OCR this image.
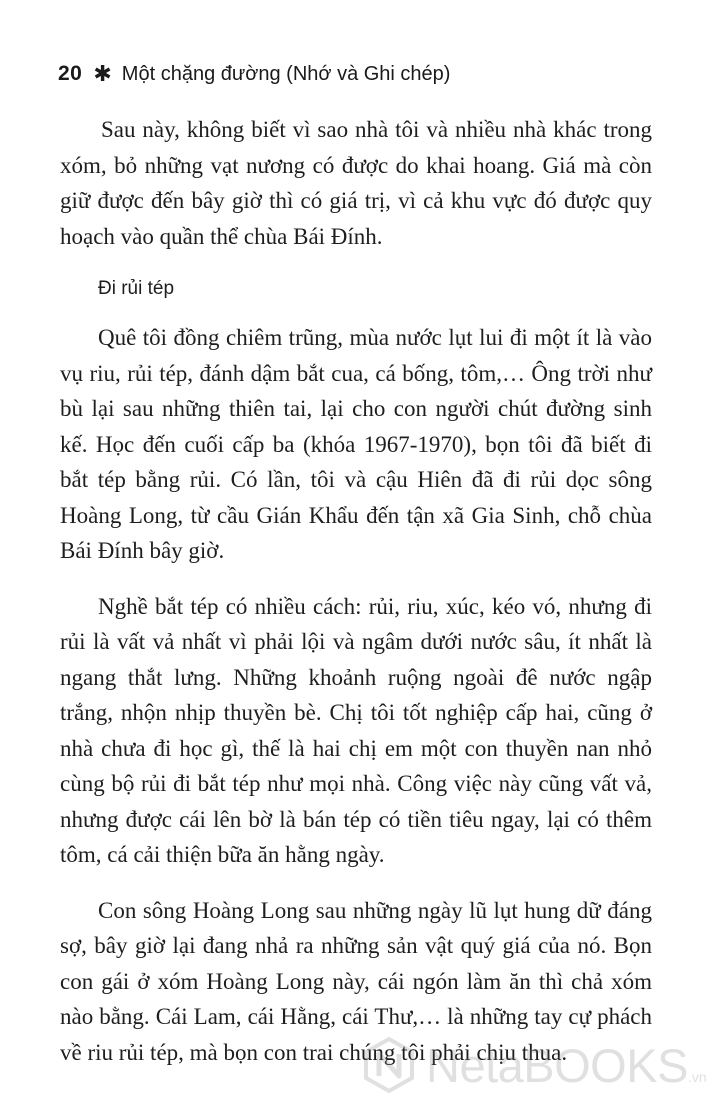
20 ✱ Một chặng đường (Nhớ và Ghi chép)

Sau này, không biết vì sao nhà tôi và nhiều nhà khác trong xóm, bỏ những vạt nương có được do khai hoang. Giá mà còn giữ được đến bây giờ thì có giá trị, vì cả khu vực đó được quy hoạch vào quần thể chùa Bái Đính.

Đi rủi tép

Quê tôi đồng chiêm trũng, mùa nước lụt lui đi một ít là vào vụ riu, rủi tép, đánh dậm bắt cua, cá bống, tôm,… Ông trời như bù lại sau những thiên tai, lại cho con người chút đường sinh kế. Học đến cuối cấp ba (khóa 1967-1970), bọn tôi đã biết đi bắt tép bằng rủi. Có lần, tôi và cậu Hiên đã đi rủi dọc sông Hoàng Long, từ cầu Gián Khẩu đến tận xã Gia Sinh, chỗ chùa Bái Đính bây giờ.

Nghề bắt tép có nhiều cách: rủi, riu, xúc, kéo vó, nhưng đi rủi là vất vả nhất vì phải lội và ngâm dưới nước sâu, ít nhất là ngang thắt lưng. Những khoảnh ruộng ngoài đê nước ngập trắng, nhộn nhịp thuyền bè. Chị tôi tốt nghiệp cấp hai, cũng ở nhà chưa đi học gì, thế là hai chị em một con thuyền nan nhỏ cùng bộ rủi đi bắt tép như mọi nhà. Công việc này cũng vất vả, nhưng được cái lên bờ là bán tép có tiền tiêu ngay, lại có thêm tôm, cá cải thiện bữa ăn hằng ngày.

Con sông Hoàng Long sau những ngày lũ lụt hung dữ đáng sợ, bây giờ lại đang nhả ra những sản vật quý giá của nó. Bọn con gái ở xóm Hoàng Long này, cái ngón làm ăn thì chả xóm nào bằng. Cái Lam, cái Hằng, cái Thư,… là những tay cự phách về riu rủi tép, mà bọn con trai chúng tôi phải chịu thua.

NetaBOOKS.vn
